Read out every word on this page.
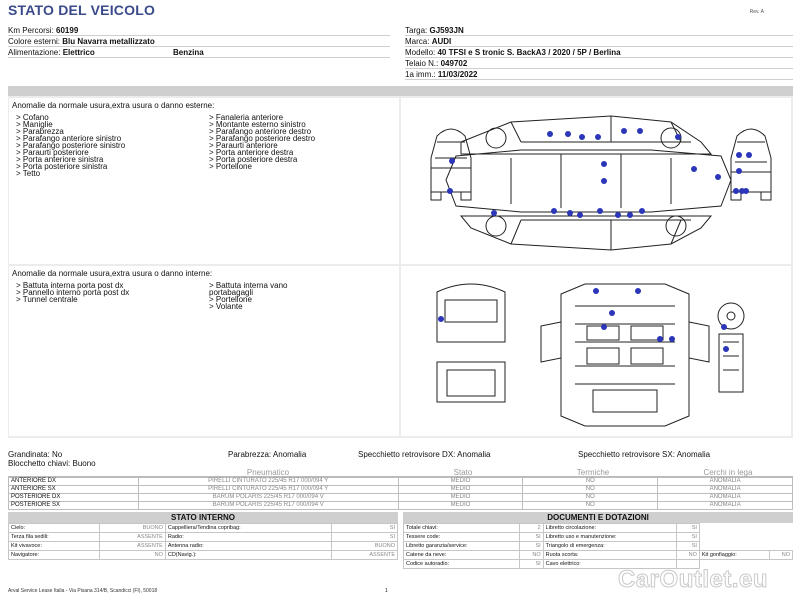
STATO DEL VEICOLO	Rev. A
Km Percorsi: 60199
Colore esterni: Blu Navarra metallizzato
Alimentazione: Elettrico	Benzina
Targa: GJ593JN
Marca: AUDI
Modello: 40 TFSI e S tronic S. BackA3 / 2020 / 5P / Berlina
Telaio N.: 049702
1a imm.: 11/03/2022
Anomalie da normale usura,extra usura o danno esterne:
> Cofano
> Maniglie
> Parabrezza
> Parafango anteriore sinistro
> Parafango posteriore sinistro
> Paraurti posteriore
> Porta anteriore sinistra
> Porta posteriore sinistra
> Tetto
> Fanaleria anteriore
> Montante esterno sinistro
> Parafango anteriore destro
> Parafango posteriore destro
> Paraurti anteriore
> Porta anteriore destra
> Porta posteriore destra
> Portellone
Anomalie da normale usura,extra usura o danno interne:
> Battuta interna porta post dx
> Pannello interno porta post dx
> Tunnel centrale
> Battuta interna vano
portabagagli
> Portellone
> Volante
Grandinata: No	Parabrezza: Anomalia	Specchietto retrovisore DX: Anomalia	Specchietto retrovisore SX: Anomalia
Blocchetto chiavi: Buono
Pneumatico	Stato	Termiche	Cerchi in lega
ANTERIORE DX	PIRELLI CINTURATO 225/45 R17 000/094 Y	MEDIO	NO	ANOMALIA
ANTERIORE SX	PIRELLI CINTURATO 225/45 R17 000/094 Y	MEDIO	NO	ANOMALIA
POSTERIORE DX	BARUM POLARIS 225/45 R17 000/094 V	MEDIO	NO	ANOMALIA
POSTERIORE SX	BARUM POLARIS 225/45 R17 000/094 V	MEDIO	NO	ANOMALIA
STATO INTERNO
Cielo:	BUONO	Cappelliera/Tendina copribag:	SI
Terza fila sedili:	ASSENTE	Radio:	SI
Kit vivavoce:	ASSENTE	Antenna radio:	BUONO
Navigatore:	NO	CD(Navig.):	ASSENTE
DOCUMENTI E DOTAZIONI
Totale chiavi:	2	Libretto circolazione:	SI		
Tessere code:	SI	Libretto uso e manutenzione:	SI		
Libretto garanzia/service:	SI	Triangolo di emergenza:	SI		
Catene da neve:	NO	Ruota scorta:	NO	Kit gonfiaggio:	NO
Codice autoradio:	SI	Cavo elettrico:			
Arval Service Lease Italia - Via Pisana 314/B, Scandicci (FI), 50018	1	CarOutlet.eu
